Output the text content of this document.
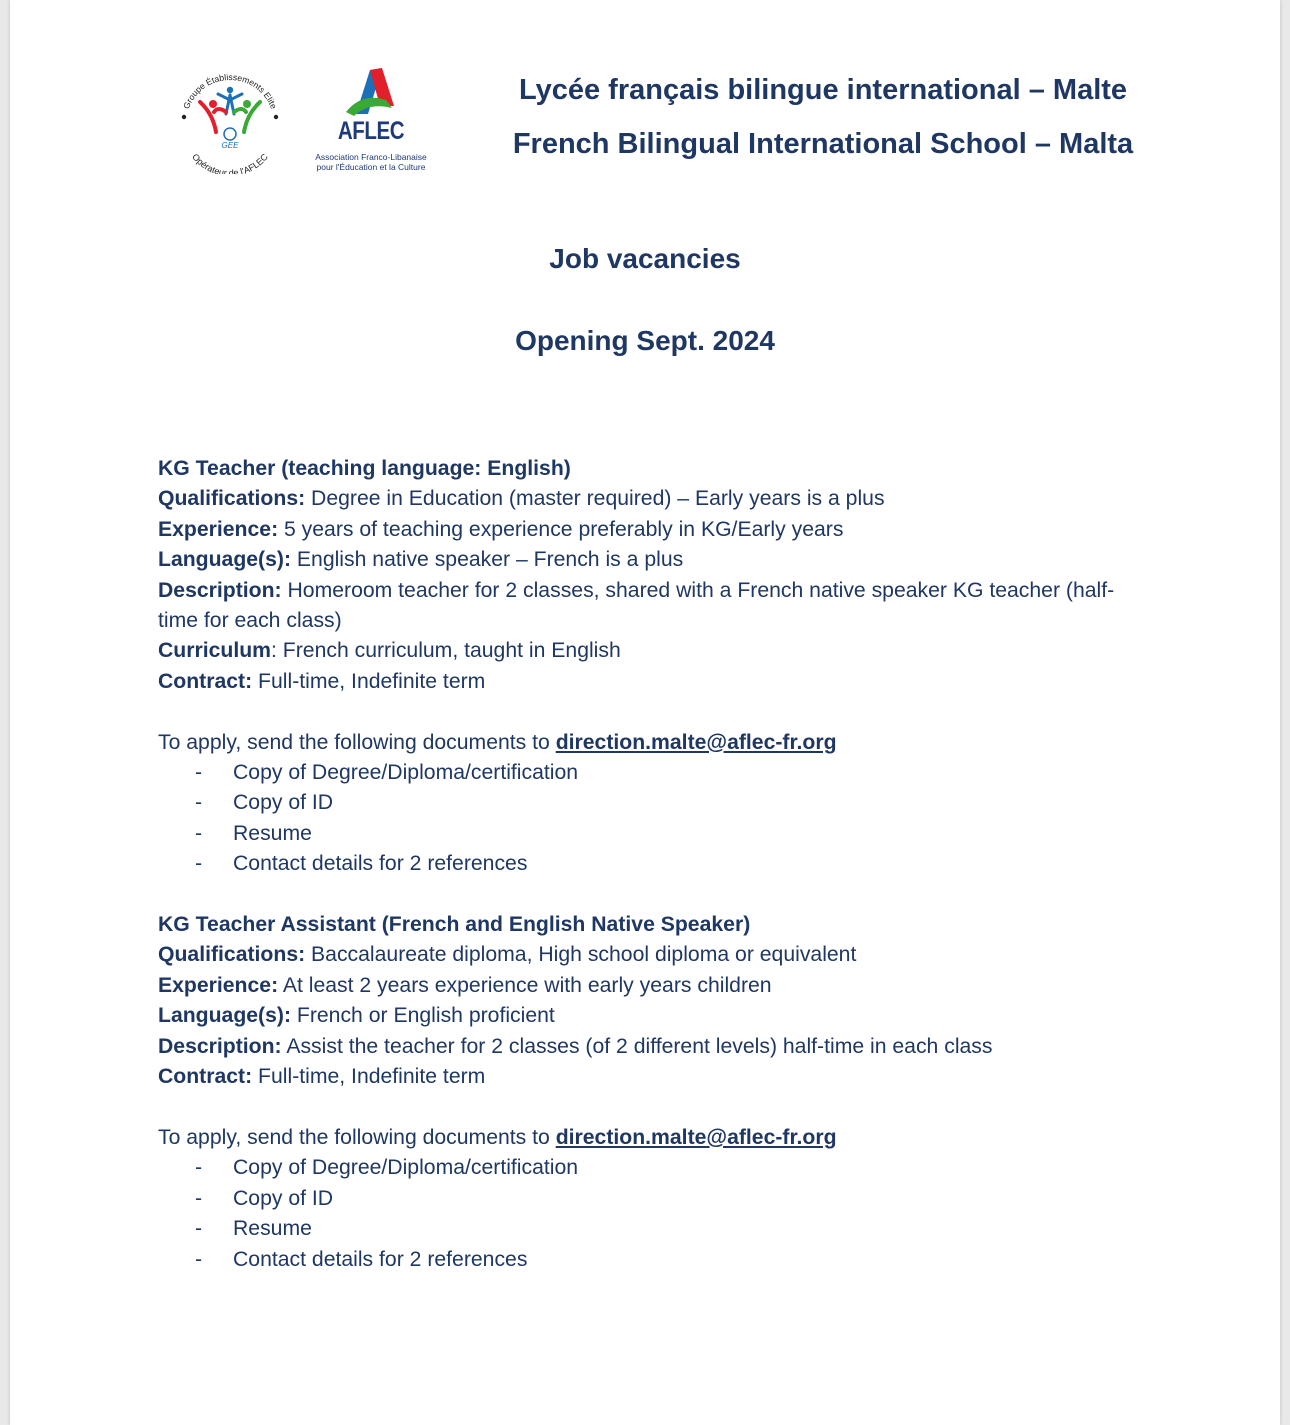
Groupe Établissements Elite
Opérateur de l'AFLEC
GEE
AFLEC
Association Franco-Libanaise
pour l'Éducation et la Culture
Lycée français bilingue international – Malte
French Bilingual International School – Malta
Job vacancies
Opening Sept. 2024
KG Teacher (teaching language: English)
Qualifications: Degree in Education (master required) – Early years is a plus
Experience: 5 years of teaching experience preferably in KG/Early years
Language(s): English native speaker – French is a plus
Description: Homeroom teacher for 2 classes, shared with a French native speaker KG teacher (half-time for each class)
Curriculum: French curriculum, taught in English
Contract: Full-time, Indefinite term
To apply, send the following documents to direction.malte@aflec-fr.org
- Copy of Degree/Diploma/certification
- Copy of ID
- Resume
- Contact details for 2 references
KG Teacher Assistant (French and English Native Speaker)
Qualifications: Baccalaureate diploma, High school diploma or equivalent
Experience: At least 2 years experience with early years children
Language(s): French or English proficient
Description: Assist the teacher for 2 classes (of 2 different levels) half-time in each class
Contract: Full-time, Indefinite term
To apply, send the following documents to direction.malte@aflec-fr.org
- Copy of Degree/Diploma/certification
- Copy of ID
- Resume
- Contact details for 2 references
